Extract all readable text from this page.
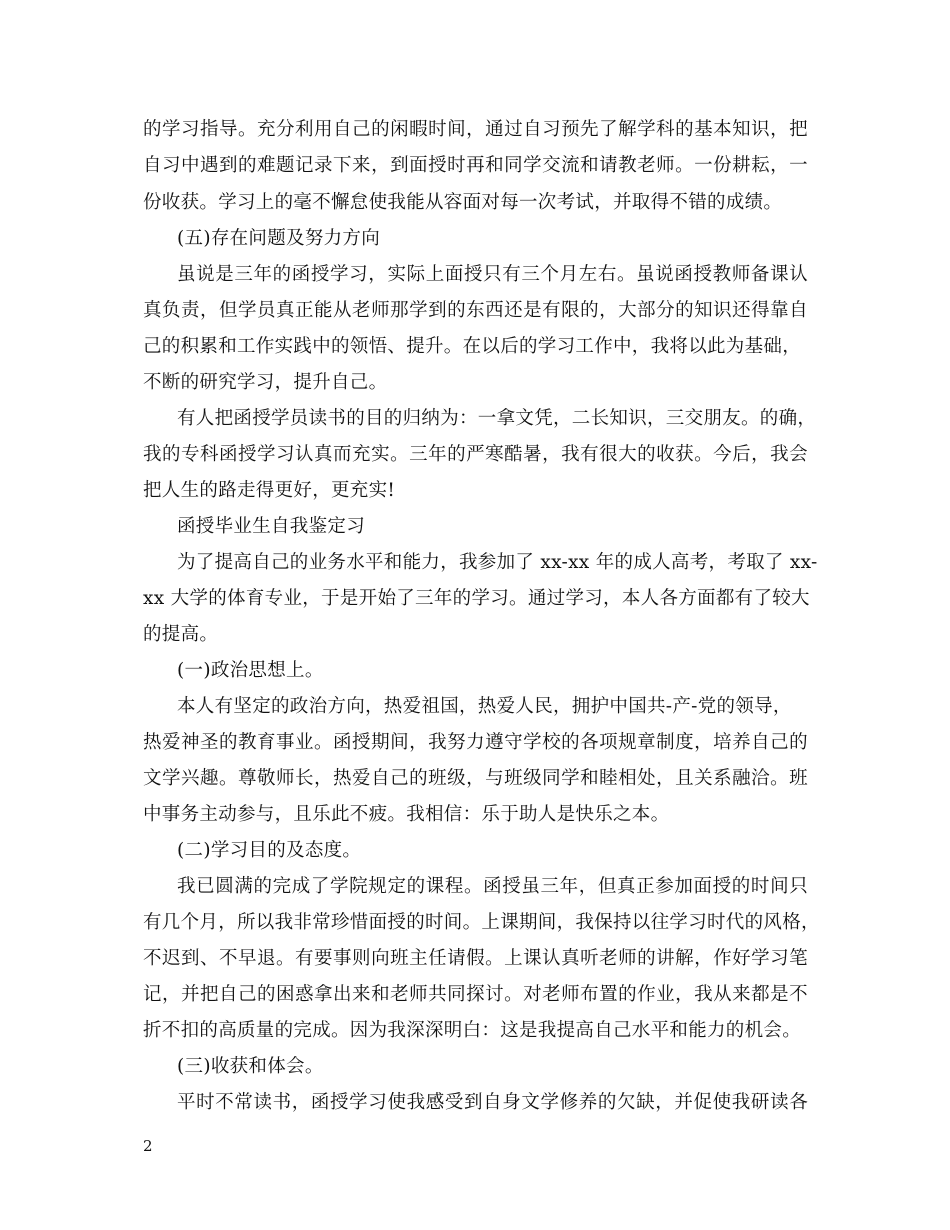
的学习指导。充分利用自己的闲暇时间，通过自习预先了解学科的基本知识，把
自习中遇到的难题记录下来，到面授时再和同学交流和请教老师。一份耕耘，一
份收获。学习上的毫不懈怠使我能从容面对每一次考试，并取得不错的成绩。
(五)存在问题及努力方向
虽说是三年的函授学习，实际上面授只有三个月左右。虽说函授教师备课认
真负责，但学员真正能从老师那学到的东西还是有限的，大部分的知识还得靠自
己的积累和工作实践中的领悟、提升。在以后的学习工作中，我将以此为基础，
不断的研究学习，提升自己。
有人把函授学员读书的目的归纳为：一拿文凭，二长知识，三交朋友。的确，
我的专科函授学习认真而充实。三年的严寒酷暑，我有很大的收获。今后，我会
把人生的路走得更好，更充实!
函授毕业生自我鉴定习
为了提高自己的业务水平和能力，我参加了 xx-xx 年的成人高考，考取了 xx-
xx 大学的体育专业，于是开始了三年的学习。通过学习，本人各方面都有了较大
的提高。
(一)政治思想上。
本人有坚定的政治方向，热爱祖国，热爱人民，拥护中国共-产-党的领导，
热爱神圣的教育事业。函授期间，我努力遵守学校的各项规章制度，培养自己的
文学兴趣。尊敬师长，热爱自己的班级，与班级同学和睦相处，且关系融洽。班
中事务主动参与，且乐此不疲。我相信：乐于助人是快乐之本。
(二)学习目的及态度。
我已圆满的完成了学院规定的课程。函授虽三年，但真正参加面授的时间只
有几个月，所以我非常珍惜面授的时间。上课期间，我保持以往学习时代的风格，
不迟到、不早退。有要事则向班主任请假。上课认真听老师的讲解，作好学习笔
记，并把自己的困惑拿出来和老师共同探讨。对老师布置的作业，我从来都是不
折不扣的高质量的完成。因为我深深明白：这是我提高自己水平和能力的机会。
(三)收获和体会。
平时不常读书，函授学习使我感受到自身文学修养的欠缺，并促使我研读各
2
